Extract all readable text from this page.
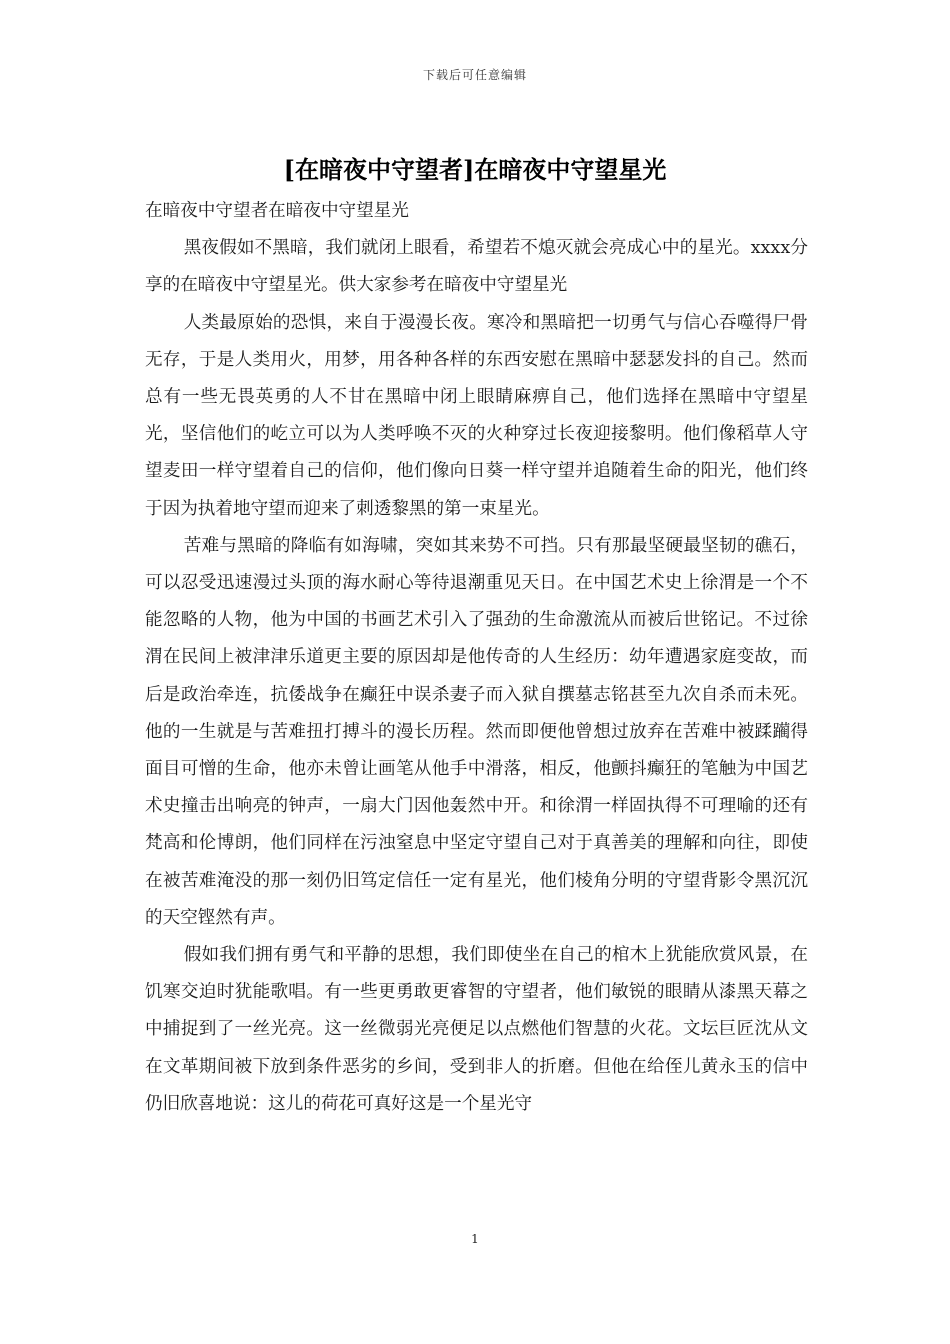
下载后可任意编辑
[在暗夜中守望者]在暗夜中守望星光

在暗夜中守望者在暗夜中守望星光

黑夜假如不黑暗，我们就闭上眼看，希望若不熄灭就会亮成心中的星光。xxxx分享的在暗夜中守望星光。供大家参考在暗夜中守望星光

人类最原始的恐惧，来自于漫漫长夜。寒冷和黑暗把一切勇气与信心吞噬得尸骨无存，于是人类用火，用梦，用各种各样的东西安慰在黑暗中瑟瑟发抖的自己。然而总有一些无畏英勇的人不甘在黑暗中闭上眼睛麻痹自己，他们选择在黑暗中守望星光，坚信他们的屹立可以为人类呼唤不灭的火种穿过长夜迎接黎明。他们像稻草人守望麦田一样守望着自己的信仰，他们像向日葵一样守望并追随着生命的阳光，他们终于因为执着地守望而迎来了刺透黎黑的第一束星光。

苦难与黑暗的降临有如海啸，突如其来势不可挡。只有那最坚硬最坚韧的礁石，可以忍受迅速漫过头顶的海水耐心等待退潮重见天日。在中国艺术史上徐渭是一个不能忽略的人物，他为中国的书画艺术引入了强劲的生命激流从而被后世铭记。不过徐渭在民间上被津津乐道更主要的原因却是他传奇的人生经历：幼年遭遇家庭变故，而后是政治牵连，抗倭战争在癫狂中误杀妻子而入狱自撰墓志铭甚至九次自杀而未死。他的一生就是与苦难扭打搏斗的漫长历程。然而即便他曾想过放弃在苦难中被蹂躏得面目可憎的生命，他亦未曾让画笔从他手中滑落，相反，他颤抖癫狂的笔触为中国艺术史撞击出响亮的钟声，一扇大门因他轰然中开。和徐渭一样固执得不可理喻的还有梵高和伦博朗，他们同样在污浊窒息中坚定守望自己对于真善美的理解和向往，即使在被苦难淹没的那一刻仍旧笃定信任一定有星光，他们棱角分明的守望背影令黑沉沉的天空铿然有声。

假如我们拥有勇气和平静的思想，我们即使坐在自己的棺木上犹能欣赏风景，在饥寒交迫时犹能歌唱。有一些更勇敢更睿智的守望者，他们敏锐的眼睛从漆黑天幕之中捕捉到了一丝光亮。这一丝微弱光亮便足以点燃他们智慧的火花。文坛巨匠沈从文在文革期间被下放到条件恶劣的乡间，受到非人的折磨。但他在给侄儿黄永玉的信中仍旧欣喜地说：这儿的荷花可真好这是一个星光守

1
